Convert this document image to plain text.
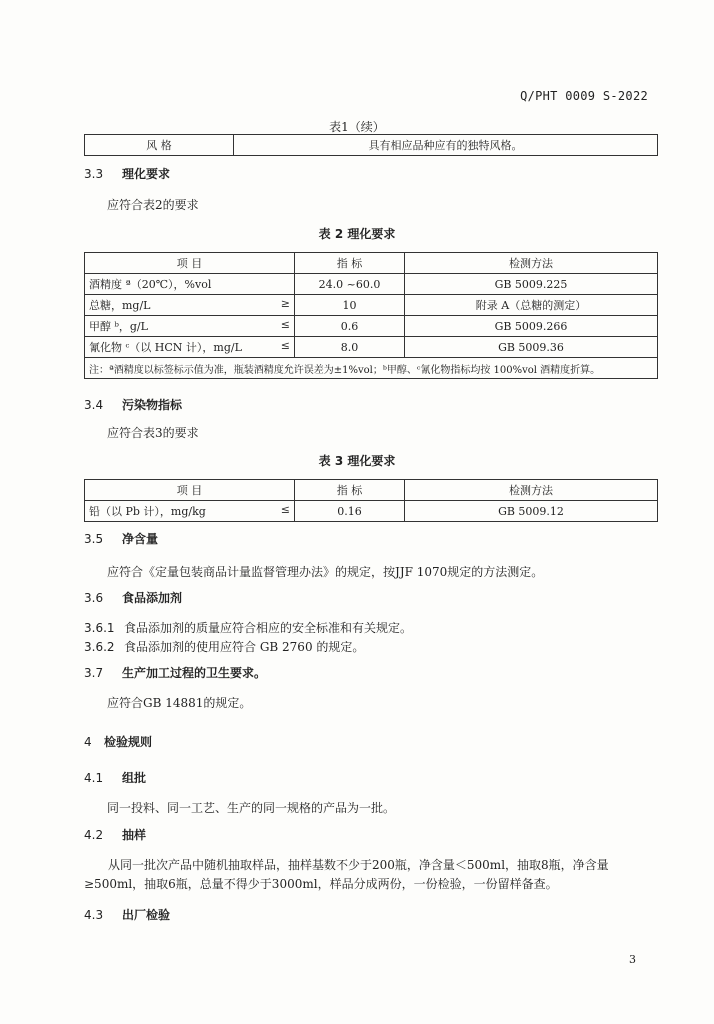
Q/PHT 0009 S-2022
表1（续）
风 格	具有相应品种应有的独特风格。
3.3 理化要求
应符合表2的要求
表 2 理化要求
项 目	指 标	检测方法
酒精度 ª（20℃），%vol	24.0 ~60.0	GB 5009.225
总糖，mg/L ≥	10	附录 A（总糖的测定）
甲醇 ᵇ，g/L ≤	0.6	GB 5009.266
氰化物 ᶜ（以 HCN 计），mg/L ≤	8.0	GB 5009.36
注：ª酒精度以标签标示值为准，瓶装酒精度允许误差为±1%vol；ᵇ甲醇、ᶜ氰化物指标均按 100%vol 酒精度折算。		
3.4 污染物指标
应符合表3的要求
表 3 理化要求
项 目	指 标	检测方法
铅（以 Pb 计），mg/kg ≤	0.16	GB 5009.12
3.5 净含量
应符合《定量包装商品计量监督管理办法》的规定，按JJF 1070规定的方法测定。
3.6 食品添加剂
3.6.1 食品添加剂的质量应符合相应的安全标准和有关规定。
3.6.2 食品添加剂的使用应符合 GB 2760 的规定。
3.7 生产加工过程的卫生要求。
应符合GB 14881的规定。
4 检验规则
4.1 组批
同一投料、同一工艺、生产的同一规格的产品为一批。
4.2 抽样
从同一批次产品中随机抽取样品，抽样基数不少于200瓶，净含量＜500ml，抽取8瓶，净含量≥500ml，抽取6瓶，总量不得少于3000ml，样品分成两份，一份检验，一份留样备查。
4.3 出厂检验
3
